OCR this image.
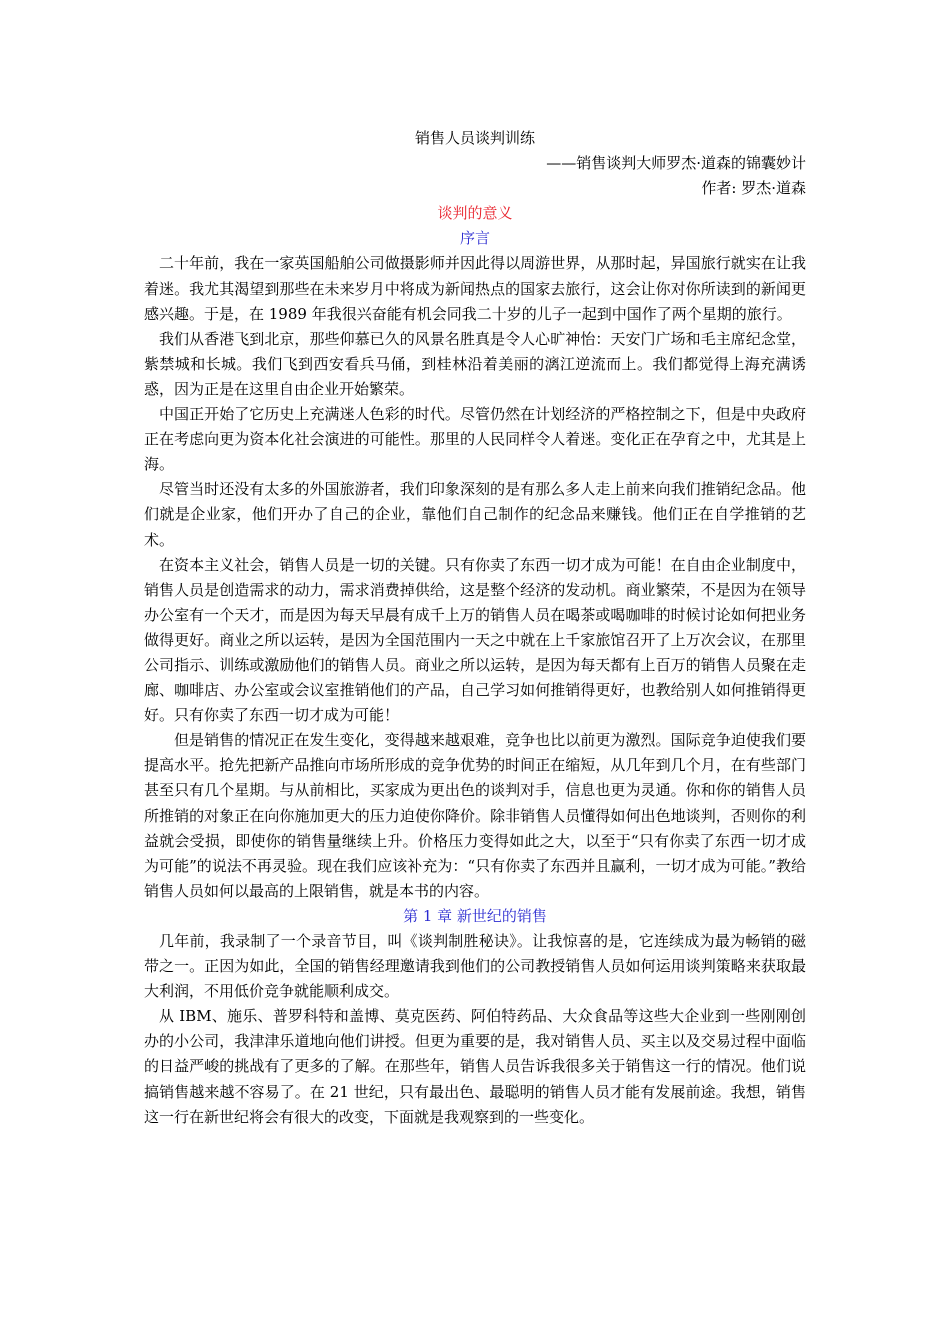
销售人员谈判训练

——销售谈判大师罗杰·道森的锦囊妙计

作者: 罗杰·道森

谈判的意义

序言

二十年前，我在一家英国船舶公司做摄影师并因此得以周游世界，从那时起，异国旅行就实在让我着迷。我尤其渴望到那些在未来岁月中将成为新闻热点的国家去旅行，这会让你对你所读到的新闻更感兴趣。于是，在 1989 年我很兴奋能有机会同我二十岁的儿子一起到中国作了两个星期的旅行。

我们从香港飞到北京，那些仰慕已久的风景名胜真是令人心旷神怡：天安门广场和毛主席纪念堂，紫禁城和长城。我们飞到西安看兵马俑，到桂林沿着美丽的漓江逆流而上。我们都觉得上海充满诱惑，因为正是在这里自由企业开始繁荣。

中国正开始了它历史上充满迷人色彩的时代。尽管仍然在计划经济的严格控制之下，但是中央政府正在考虑向更为资本化社会演进的可能性。那里的人民同样令人着迷。变化正在孕育之中，尤其是上海。

尽管当时还没有太多的外国旅游者，我们印象深刻的是有那么多人走上前来向我们推销纪念品。他们就是企业家，他们开办了自己的企业，靠他们自己制作的纪念品来赚钱。他们正在自学推销的艺术。

在资本主义社会，销售人员是一切的关键。只有你卖了东西一切才成为可能！在自由企业制度中，销售人员是创造需求的动力，需求消费掉供给，这是整个经济的发动机。商业繁荣，不是因为在领导办公室有一个天才，而是因为每天早晨有成千上万的销售人员在喝茶或喝咖啡的时候讨论如何把业务做得更好。商业之所以运转，是因为全国范围内一天之中就在上千家旅馆召开了上万次会议，在那里公司指示、训练或激励他们的销售人员。商业之所以运转，是因为每天都有上百万的销售人员聚在走廊、咖啡店、办公室或会议室推销他们的产品，自己学习如何推销得更好，也教给别人如何推销得更好。只有你卖了东西一切才成为可能！

但是销售的情况正在发生变化，变得越来越艰难，竞争也比以前更为激烈。国际竞争迫使我们要提高水平。抢先把新产品推向市场所形成的竞争优势的时间正在缩短，从几年到几个月，在有些部门甚至只有几个星期。与从前相比，买家成为更出色的谈判对手，信息也更为灵通。你和你的销售人员所推销的对象正在向你施加更大的压力迫使你降价。除非销售人员懂得如何出色地谈判，否则你的利益就会受损，即使你的销售量继续上升。价格压力变得如此之大，以至于“只有你卖了东西一切才成为可能”的说法不再灵验。现在我们应该补充为：“只有你卖了东西并且赢利，一切才成为可能。”教给销售人员如何以最高的上限销售，就是本书的内容。

第 1 章 新世纪的销售

几年前，我录制了一个录音节目，叫《谈判制胜秘诀》。让我惊喜的是，它连续成为最为畅销的磁带之一。正因为如此，全国的销售经理邀请我到他们的公司教授销售人员如何运用谈判策略来获取最大利润，不用低价竞争就能顺利成交。

从 IBM、施乐、普罗科特和盖博、莫克医药、阿伯特药品、大众食品等这些大企业到一些刚刚创办的小公司，我津津乐道地向他们讲授。但更为重要的是，我对销售人员、买主以及交易过程中面临的日益严峻的挑战有了更多的了解。在那些年，销售人员告诉我很多关于销售这一行的情况。他们说搞销售越来越不容易了。在 21 世纪，只有最出色、最聪明的销售人员才能有发展前途。我想，销售这一行在新世纪将会有很大的改变，下面就是我观察到的一些变化。
